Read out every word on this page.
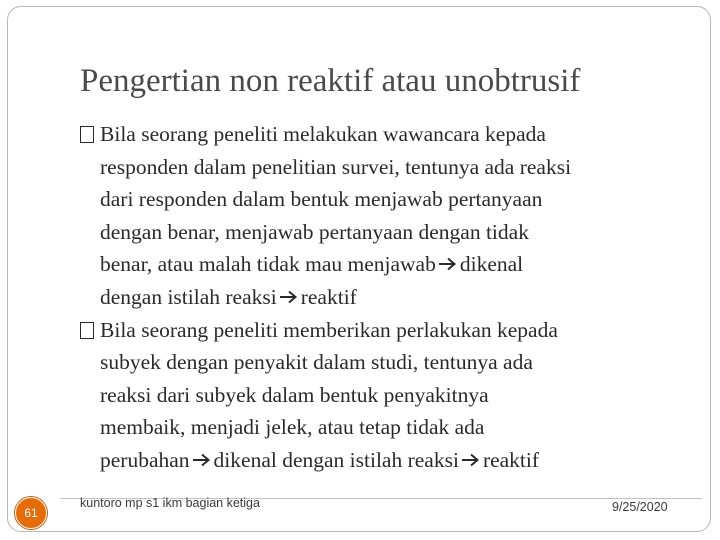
Pengertian non reaktif atau unobtrusif
Bila seorang peneliti melakukan wawancara kepada
responden dalam penelitian survei, tentunya ada reaksi
dari responden dalam bentuk menjawab pertanyaan
dengan benar, menjawab pertanyaan dengan tidak
benar, atau malah tidak mau menjawab dikenal
dengan istilah reaksi reaktif
Bila seorang peneliti memberikan perlakukan kepada
subyek dengan penyakit dalam studi, tentunya ada
reaksi dari subyek dalam bentuk penyakitnya
membaik, menjadi jelek, atau tetap tidak ada
perubahan dikenal dengan istilah reaksi reaktif
61
kuntoro mp s1 ikm bagian ketiga	9/25/2020
